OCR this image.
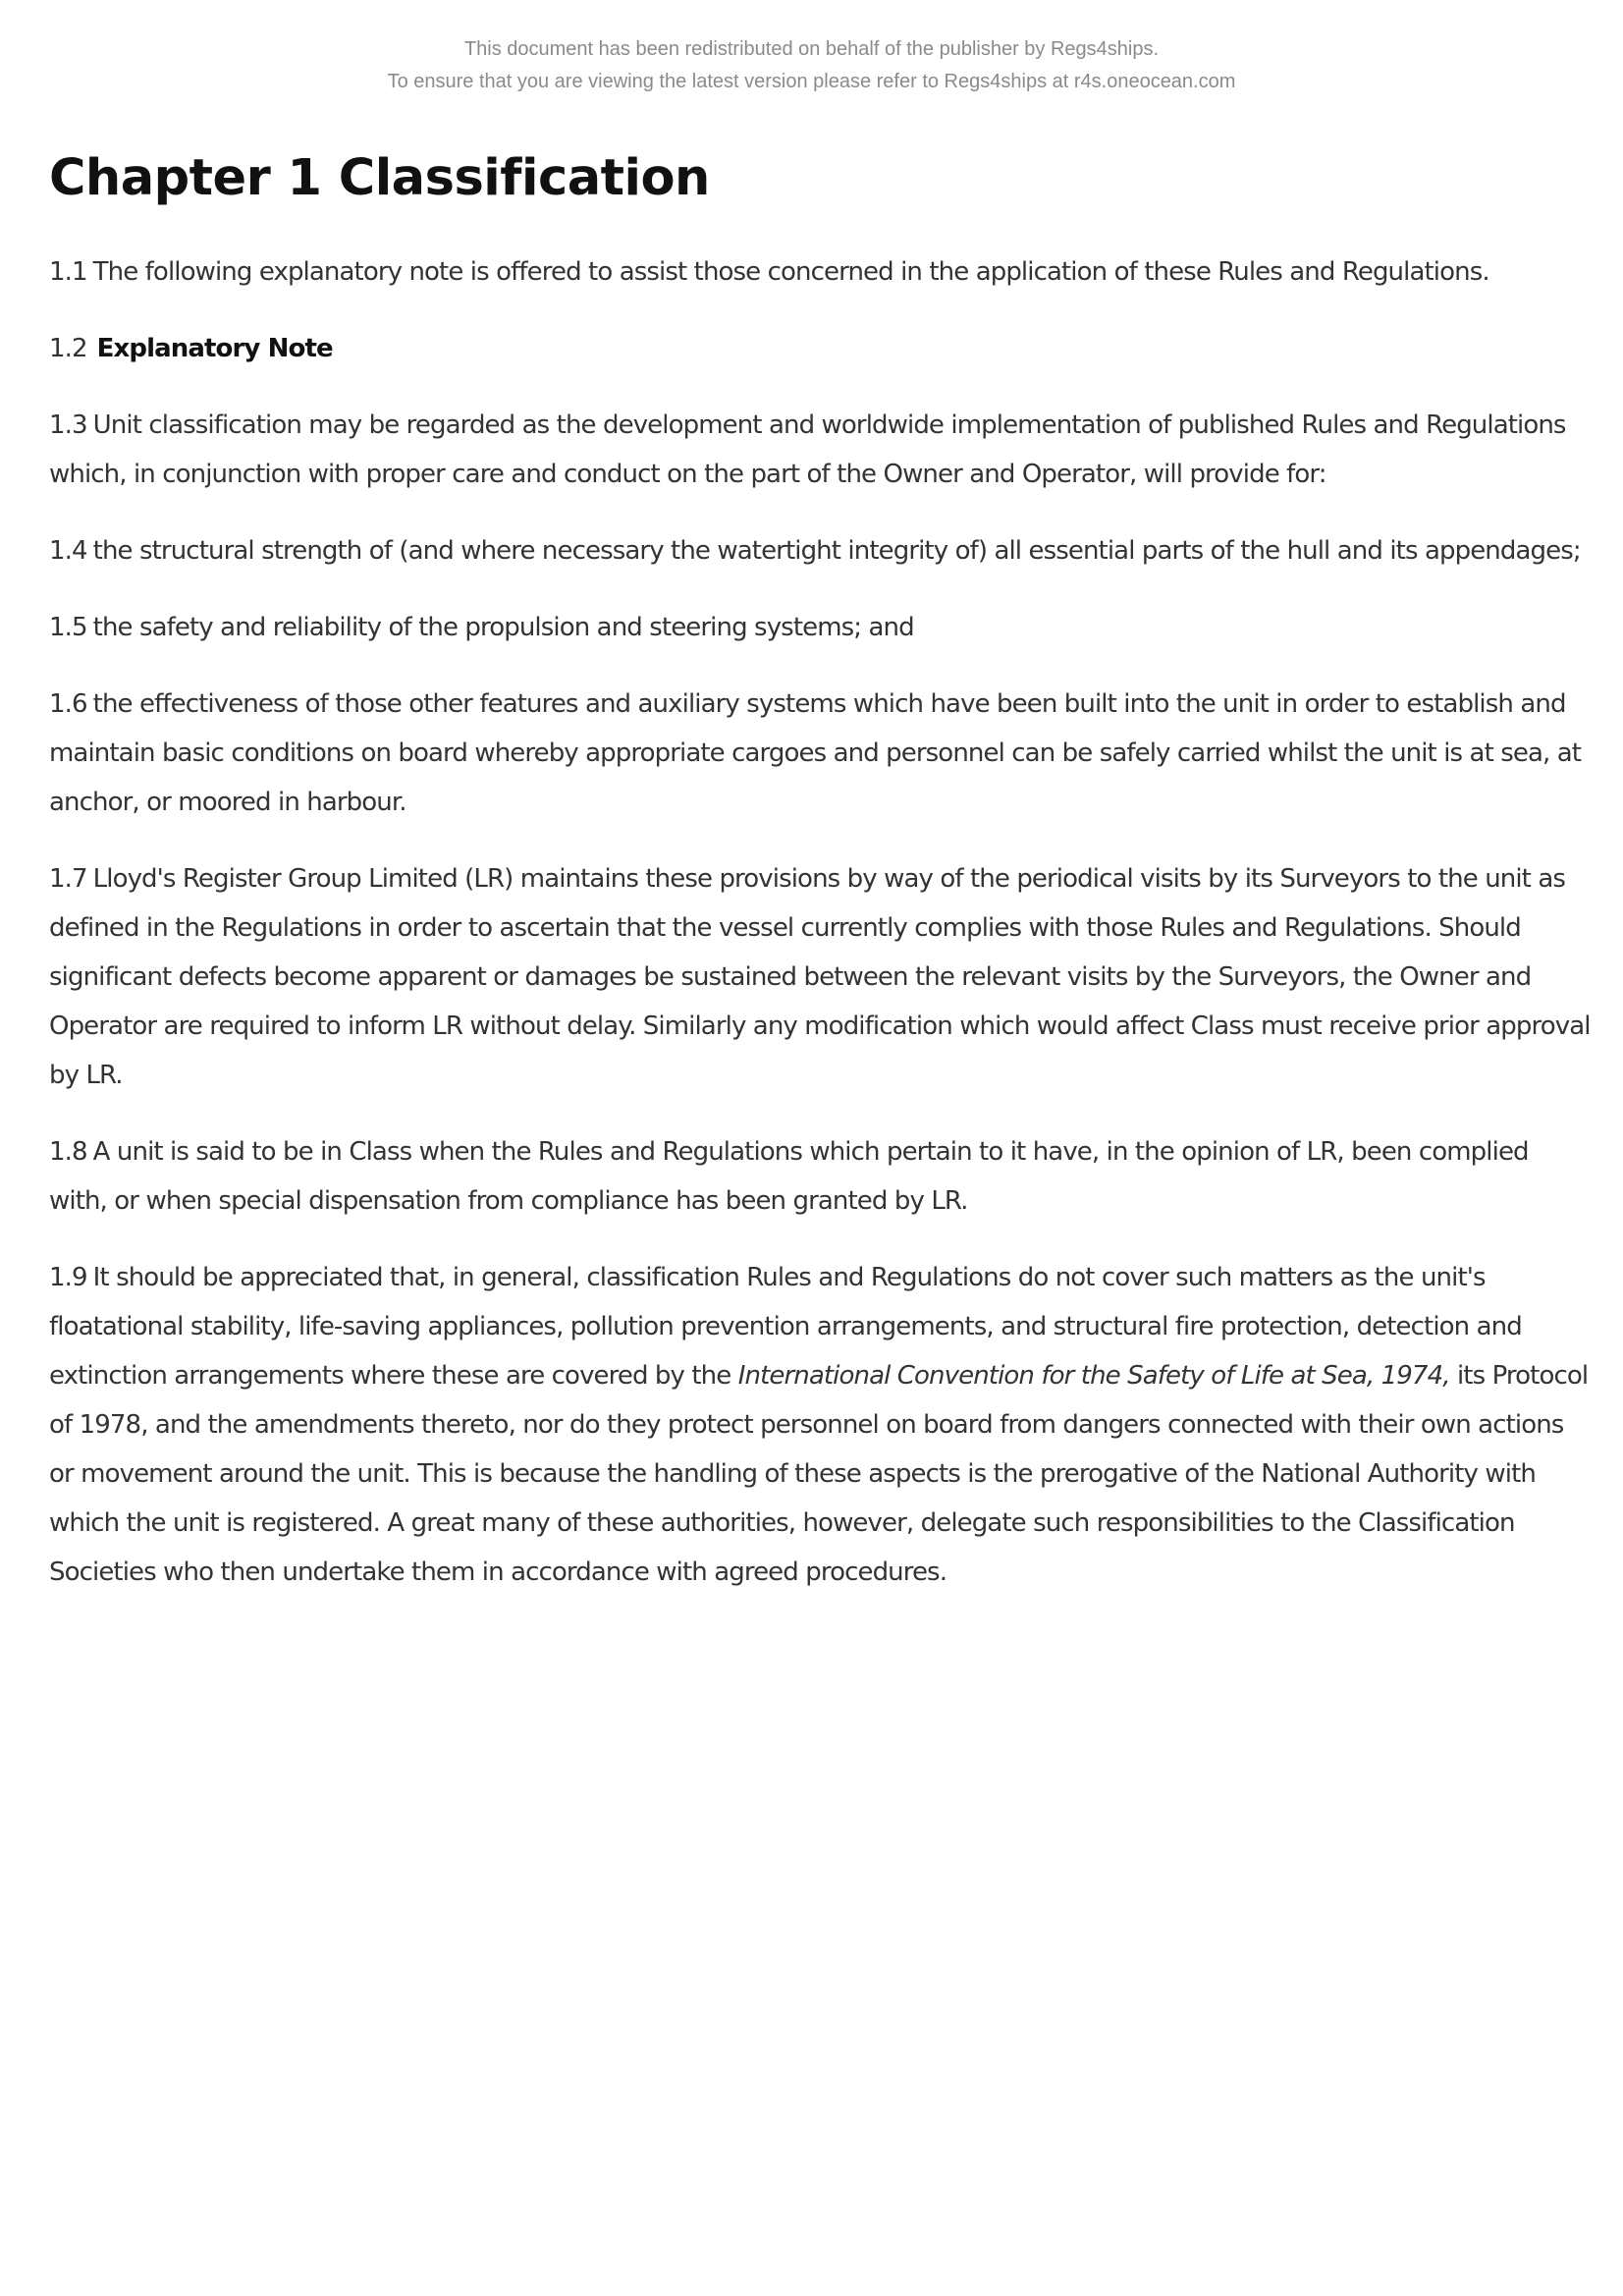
This document has been redistributed on behalf of the publisher by Regs4ships.
To ensure that you are viewing the latest version please refer to Regs4ships at r4s.oneocean.com
Chapter 1 Classification

1.1 The following explanatory note is offered to assist those concerned in the application of these Rules and Regulations.

1.2 Explanatory Note

1.3 Unit classification may be regarded as the development and worldwide implementation of published Rules and Regulations which, in conjunction with proper care and conduct on the part of the Owner and Operator, will provide for:

1.4 the structural strength of (and where necessary the watertight integrity of) all essential parts of the hull and its appendages;

1.5 the safety and reliability of the propulsion and steering systems; and

1.6 the effectiveness of those other features and auxiliary systems which have been built into the unit in order to establish and maintain basic conditions on board whereby appropriate cargoes and personnel can be safely carried whilst the unit is at sea, at anchor, or moored in harbour.

1.7 Lloyd's Register Group Limited (LR) maintains these provisions by way of the periodical visits by its Surveyors to the unit as defined in the Regulations in order to ascertain that the vessel currently complies with those Rules and Regulations. Should significant defects become apparent or damages be sustained between the relevant visits by the Surveyors, the Owner and Operator are required to inform LR without delay. Similarly any modification which would affect Class must receive prior approval by LR.

1.8 A unit is said to be in Class when the Rules and Regulations which pertain to it have, in the opinion of LR, been complied with, or when special dispensation from compliance has been granted by LR.

1.9 It should be appreciated that, in general, classification Rules and Regulations do not cover such matters as the unit's floatational stability, life-saving appliances, pollution prevention arrangements, and structural fire protection, detection and extinction arrangements where these are covered by the International Convention for the Safety of Life at Sea, 1974, its Protocol of 1978, and the amendments thereto, nor do they protect personnel on board from dangers connected with their own actions or movement around the unit. This is because the handling of these aspects is the prerogative of the National Authority with which the unit is registered. A great many of these authorities, however, delegate such responsibilities to the Classification Societies who then undertake them in accordance with agreed procedures.
